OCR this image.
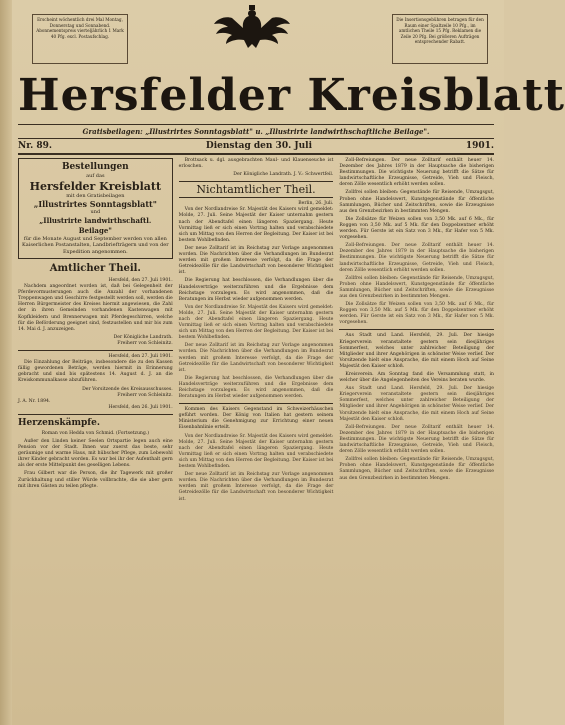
Erscheint wöchentlich drei Mal Montag, Donnerstag und Sonnabend. Abonnementspreis vierteljährlich 1 Mark 40 Pfg. excl. Postaufschlag.
Die Insertionsgebühren betragen für den Raum einer Spaltzeile 10 Pfg., im amtlichen Theile 15 Pfg. Reklamen die Zeile 20 Pfg. Bei größeren Aufträgen entsprechender Rabatt.
Hersfelder Kreisblatt
Gratisbeilagen: „Illustrirtes Sonntagsblatt" u. „Illustrirte landwirthschaftliche Beilage".
Nr. 89.	Dienstag den 30. Juli	1901.
Bestellungen
auf das
Hersfelder Kreisblatt
mit den Gratisbeilagen
„Illustrirtes Sonntagsblatt"
und
„Illustrirte landwirthschaftl. Beilage"
für die Monate August und September werden von allen Kaiserlichen Postanstalten, Landbriefträgern und von der Expedition angenommen.
Amtlicher Theil.
Hersfeld, den 27. Juli 1901.

Nachdem angeordnet worden ist, daß bei Gelegenheit der Pferdevormusterungen auch die Anzahl der vorhandenen Treppenwagen und Geschirre festgestellt werden soll, werden die Herren Bürgermeister des Kreises hiermit angewiesen, die Zahl der in ihren Gemeinden vorhandenen Kastenwagen mit Kopfkleidern und Brennerwagen mit Pferdegeschirren, welche für die Beförderung geeignet sind, festzustellen und mir bis zum 14. Mai d. J. anzuzeigen.

Der Königliche Landrath.
Freiherr von Schleinitz.
Hersfeld, den 27. Juli 1901.

Die Einzahlung der Beiträge, insbesondere die zu den Kassen fällig gewordenen Beträge, werden hiermit in Erinnerung gebracht und sind bis spätestens 14. August d. J. an die Kreiskommunalkasse abzuführen.

Der Vorsitzende des Kreisausschusses.
Freiherr von Schleinitz.
J. A. Nr. 1894.
Hersfeld, den 26. Juli 1901.
Herzenskämpfe.
Roman von Hedda von Schmid. (Fortsetzung.)

Außer den Linden keiner Seelen Ortspartie legen auch eine Pension vor der Stadt. Ihnen war zuerst das beste, sehr geräumige und warme Haus, mit hübscher Pflege, zum Lebewohl ihrer Kinder gebracht worden. Es war bei ihr der Aufenthalt gern als der erste Mittelpunkt des geselligen Lebens.

Frau Gilbert war die Person, die ihr Tagewerk mit großer Zurückhaltung und stiller Würde vollbrachte, die sie aber gern mit ihren Gästen zu teilen pflegte.

Brottsack u. dgl. ausgebrachten Maul- und Klauenseuche ist erloschen.

Der Königliche Landrath. J. V.: Schwertfeil.
Nichtamtlicher Theil.
Berlin, 26. Juli.

Von der Nordlandreise Sr. Majestät des Kaisers wird gemeldet: Molde, 27. Juli. Seine Majestät der Kaiser unternahm gestern nach der Abendtafel einen längeren Spaziergang. Heute Vormittag ließ er sich einen Vortrag halten und verabschiedete sich um Mittag von den Herren der Begleitung. Der Kaiser ist bei bestem Wohlbefinden.

Der neue Zolltarif ist im Reichstag zur Vorlage angenommen worden. Die Nachrichten über die Verhandlungen im Bundesrat werden mit großem Interesse verfolgt, da die Frage der Getreidezölle für die Landwirtschaft von besonderer Wichtigkeit ist.

Die Regierung hat beschlossen, die Verhandlungen über die Handelsverträge weiterzuführen und die Ergebnisse dem Reichstage vorzulegen. Es wird angenommen, daß die Beratungen im Herbst wieder aufgenommen werden.

Von der Nordlandreise Sr. Majestät des Kaisers wird gemeldet: Molde, 27. Juli. Seine Majestät der Kaiser unternahm gestern nach der Abendtafel einen längeren Spaziergang. Heute Vormittag ließ er sich einen Vortrag halten und verabschiedete sich um Mittag von den Herren der Begleitung. Der Kaiser ist bei bestem Wohlbefinden.

Der neue Zolltarif ist im Reichstag zur Vorlage angenommen worden. Die Nachrichten über die Verhandlungen im Bundesrat werden mit großem Interesse verfolgt, da die Frage der Getreidezölle für die Landwirtschaft von besonderer Wichtigkeit ist.

Die Regierung hat beschlossen, die Verhandlungen über die Handelsverträge weiterzuführen und die Ergebnisse dem Reichstage vorzulegen. Es wird angenommen, daß die Beratungen im Herbst wieder aufgenommen werden.

Kommen des Kaisers Gegenstand im Schweizerhäuschen geführt worden. Der König von Italien hat gestern seinem Ministerium die Genehmigung zur Errichtung einer neuen Eisenbahnlinie erteilt.

Von der Nordlandreise Sr. Majestät des Kaisers wird gemeldet: Molde, 27. Juli. Seine Majestät der Kaiser unternahm gestern nach der Abendtafel einen längeren Spaziergang. Heute Vormittag ließ er sich einen Vortrag halten und verabschiedete sich um Mittag von den Herren der Begleitung. Der Kaiser ist bei bestem Wohlbefinden.

Der neue Zolltarif ist im Reichstag zur Vorlage angenommen worden. Die Nachrichten über die Verhandlungen im Bundesrat werden mit großem Interesse verfolgt, da die Frage der Getreidezölle für die Landwirtschaft von besonderer Wichtigkeit ist.

Zoll-Befreiungen. Der neue Zolltarif enthält heuer 14. Dezember des Jahres 1879 in der Hauptsache die bisherigen Bestimmungen. Die wichtigste Neuerung betrifft die Sätze für landwirtschaftliche Erzeugnisse, Getreide, Vieh und Fleisch, deren Zölle wesentlich erhöht werden sollen.

Zollfrei sollen bleiben: Gegenstände für Reisende, Umzugsgut, Proben ohne Handelswert, Kunstgegenstände für öffentliche Sammlungen, Bücher und Zeitschriften, sowie die Erzeugnisse aus den Grenzbezirken in bestimmten Mengen.

Die Zollsätze für Weizen sollen von 3,50 Mk. auf 6 Mk., für Roggen von 3,50 Mk. auf 5 Mk. für den Doppelzentner erhöht werden. Für Gerste ist ein Satz von 3 Mk., für Hafer von 5 Mk. vorgesehen.

Zoll-Befreiungen. Der neue Zolltarif enthält heuer 14. Dezember des Jahres 1879 in der Hauptsache die bisherigen Bestimmungen. Die wichtigste Neuerung betrifft die Sätze für landwirtschaftliche Erzeugnisse, Getreide, Vieh und Fleisch, deren Zölle wesentlich erhöht werden sollen.

Zollfrei sollen bleiben: Gegenstände für Reisende, Umzugsgut, Proben ohne Handelswert, Kunstgegenstände für öffentliche Sammlungen, Bücher und Zeitschriften, sowie die Erzeugnisse aus den Grenzbezirken in bestimmten Mengen.

Die Zollsätze für Weizen sollen von 3,50 Mk. auf 6 Mk., für Roggen von 3,50 Mk. auf 5 Mk. für den Doppelzentner erhöht werden. Für Gerste ist ein Satz von 3 Mk., für Hafer von 5 Mk. vorgesehen.

Aus Stadt und Land. Hersfeld, 29. Juli. Der hiesige Kriegerverein veranstaltete gestern sein diesjähriges Sommerfest, welches unter zahlreicher Beteiligung der Mitglieder und ihrer Angehörigen in schönster Weise verlief. Der Vorsitzende hielt eine Ansprache, die mit einem Hoch auf Seine Majestät den Kaiser schloß.

Kreisverein. Am Sonntag fand die Versammlung statt, in welcher über die Angelegenheiten des Vereins beraten wurde.

Aus Stadt und Land. Hersfeld, 29. Juli. Der hiesige Kriegerverein veranstaltete gestern sein diesjähriges Sommerfest, welches unter zahlreicher Beteiligung der Mitglieder und ihrer Angehörigen in schönster Weise verlief. Der Vorsitzende hielt eine Ansprache, die mit einem Hoch auf Seine Majestät den Kaiser schloß.

Zoll-Befreiungen. Der neue Zolltarif enthält heuer 14. Dezember des Jahres 1879 in der Hauptsache die bisherigen Bestimmungen. Die wichtigste Neuerung betrifft die Sätze für landwirtschaftliche Erzeugnisse, Getreide, Vieh und Fleisch, deren Zölle wesentlich erhöht werden sollen.

Zollfrei sollen bleiben: Gegenstände für Reisende, Umzugsgut, Proben ohne Handelswert, Kunstgegenstände für öffentliche Sammlungen, Bücher und Zeitschriften, sowie die Erzeugnisse aus den Grenzbezirken in bestimmten Mengen.
